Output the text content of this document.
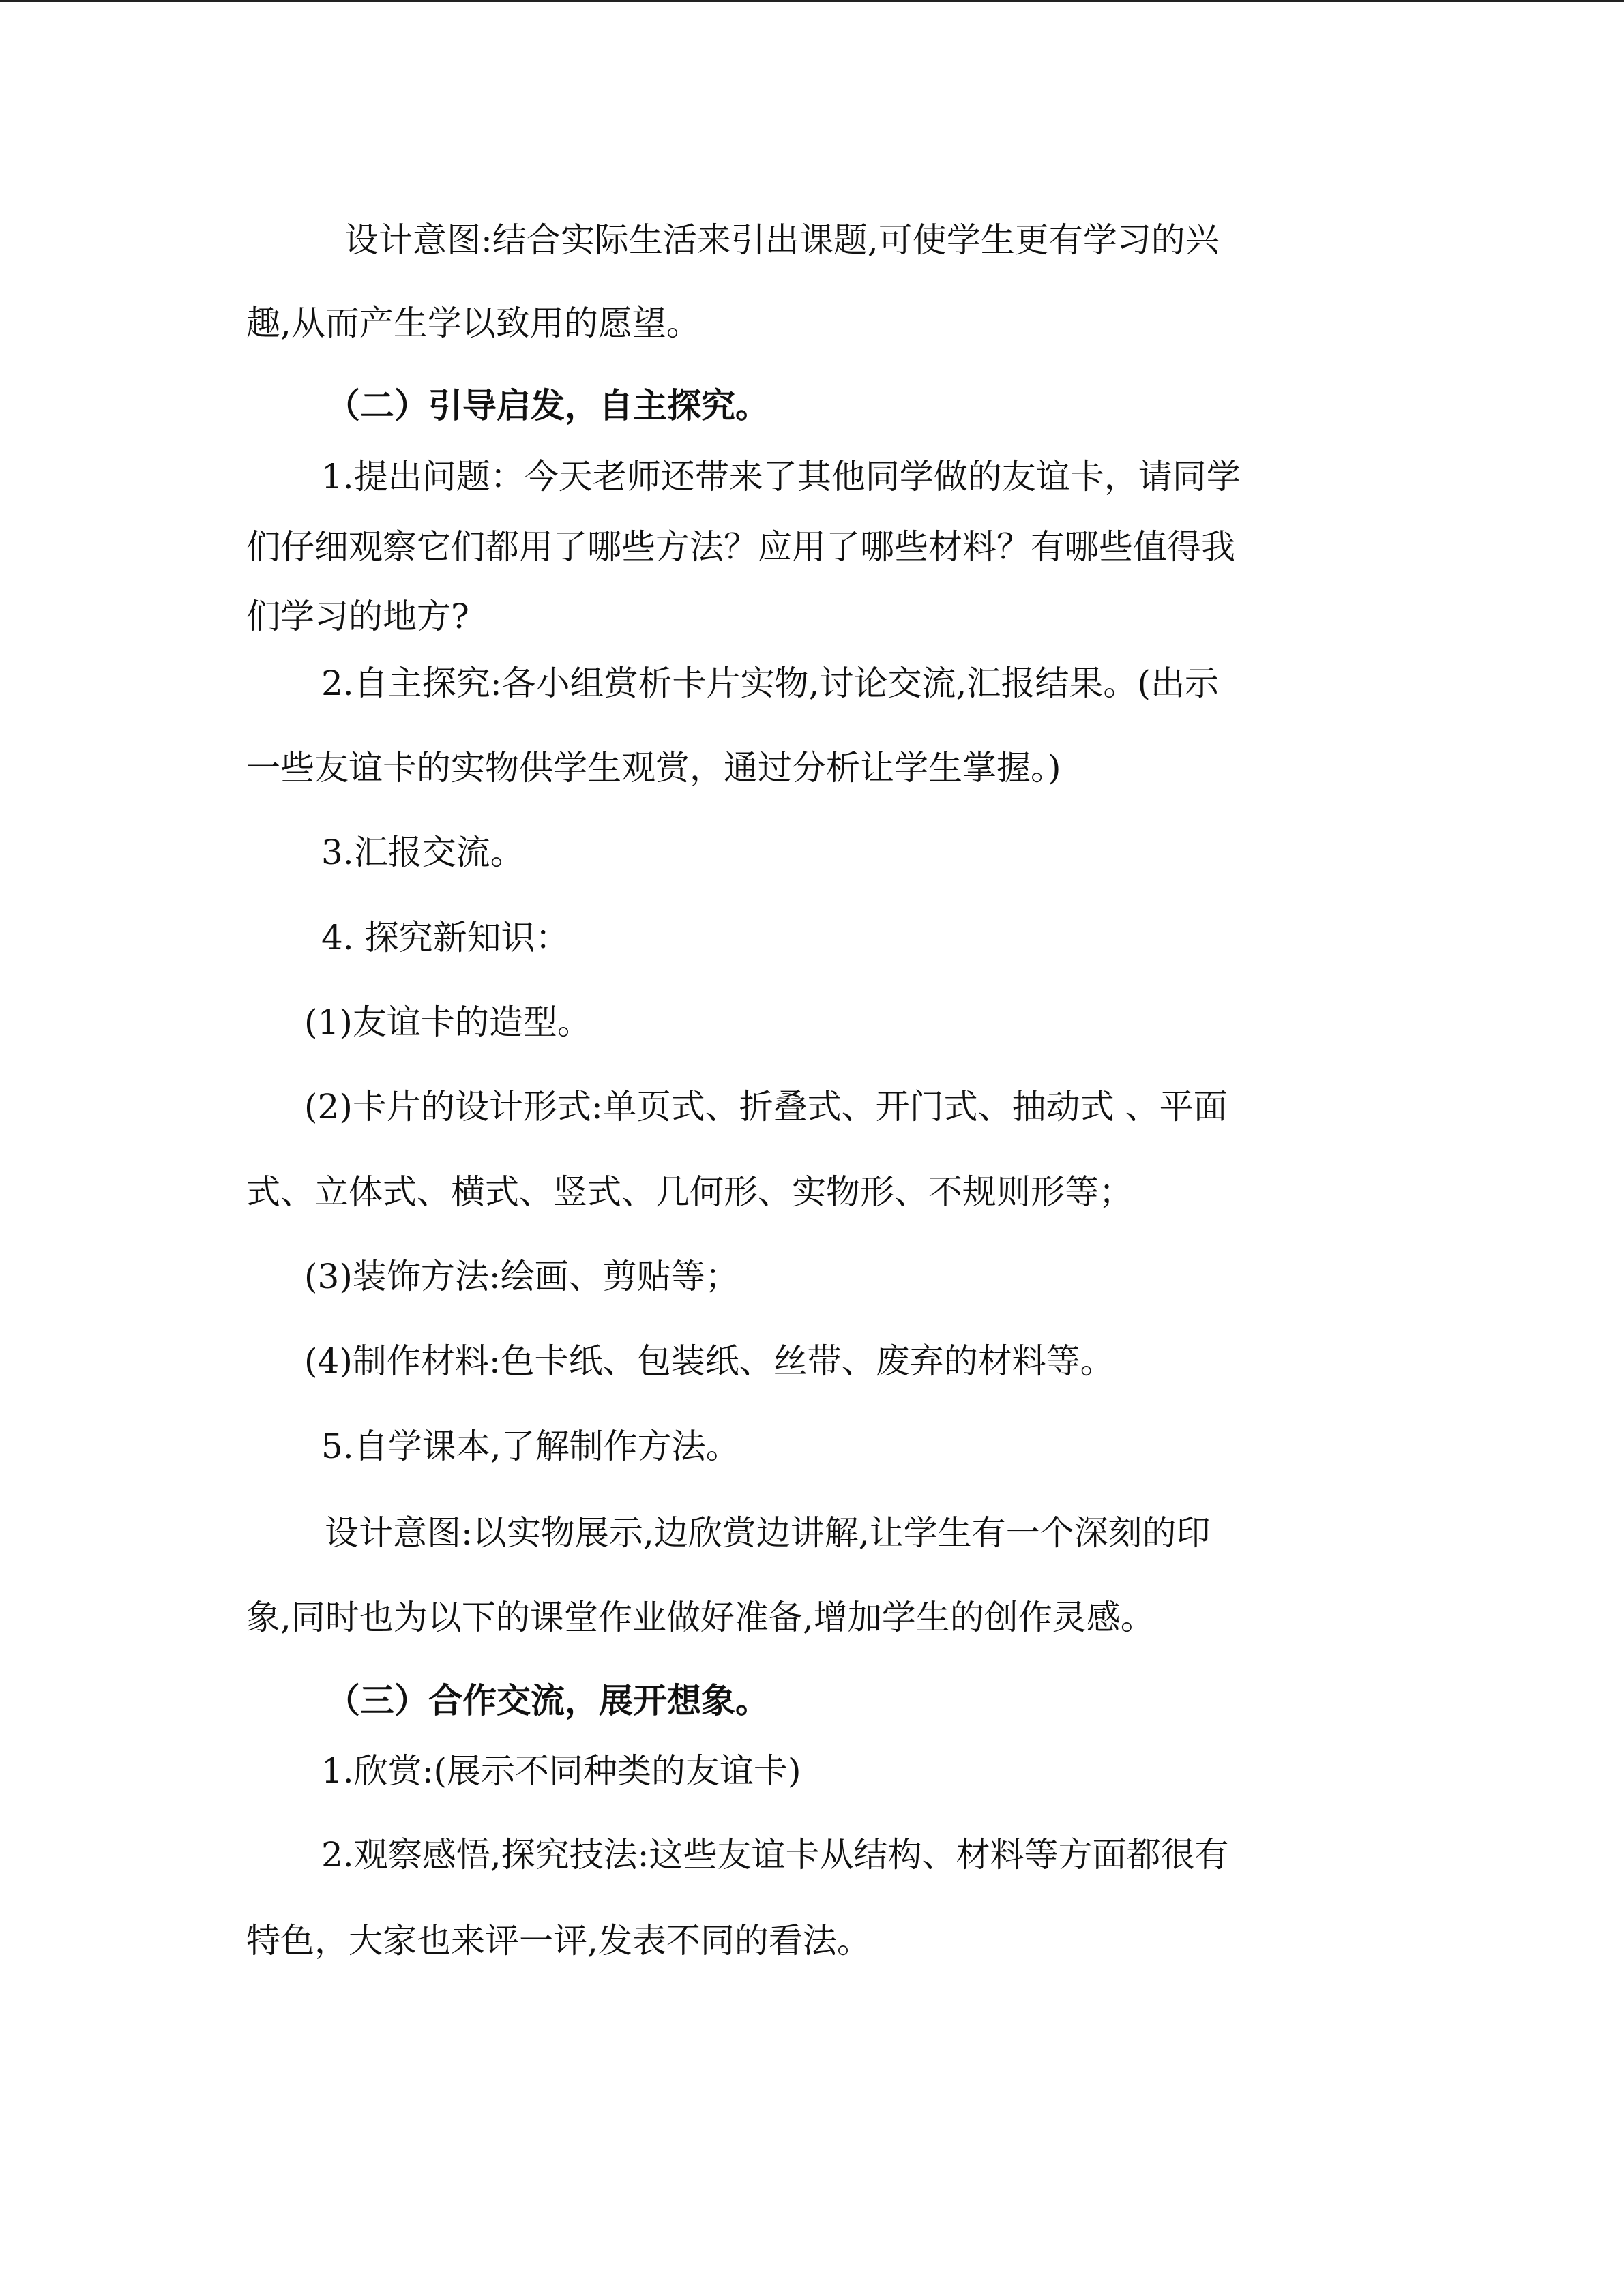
设计意图:结合实际生活来引出课题,可使学生更有学习的兴
趣,从而产生学以致用的愿望。
（二）引导启发，自主探究。
1.提出问题：今天老师还带来了其他同学做的友谊卡，请同学
们仔细观察它们都用了哪些方法？应用了哪些材料？有哪些值得我
们学习的地方?
2.自主探究:各小组赏析卡片实物,讨论交流,汇报结果。(出示
一些友谊卡的实物供学生观赏，通过分析让学生掌握。)
3.汇报交流。
4. 探究新知识：
(1)友谊卡的造型。
(2)卡片的设计形式:单页式、折叠式、开门式、抽动式 、平面
式、立体式、横式、竖式、几何形、实物形、不规则形等；
(3)装饰方法:绘画、剪贴等；
(4)制作材料:色卡纸、包装纸、丝带、废弃的材料等。
5.自学课本,了解制作方法。
设计意图:以实物展示,边欣赏边讲解,让学生有一个深刻的印
象,同时也为以下的课堂作业做好准备,增加学生的创作灵感。
（三）合作交流，展开想象。
1.欣赏:(展示不同种类的友谊卡)
2.观察感悟,探究技法:这些友谊卡从结构、材料等方面都很有
特色，大家也来评一评,发表不同的看法。
